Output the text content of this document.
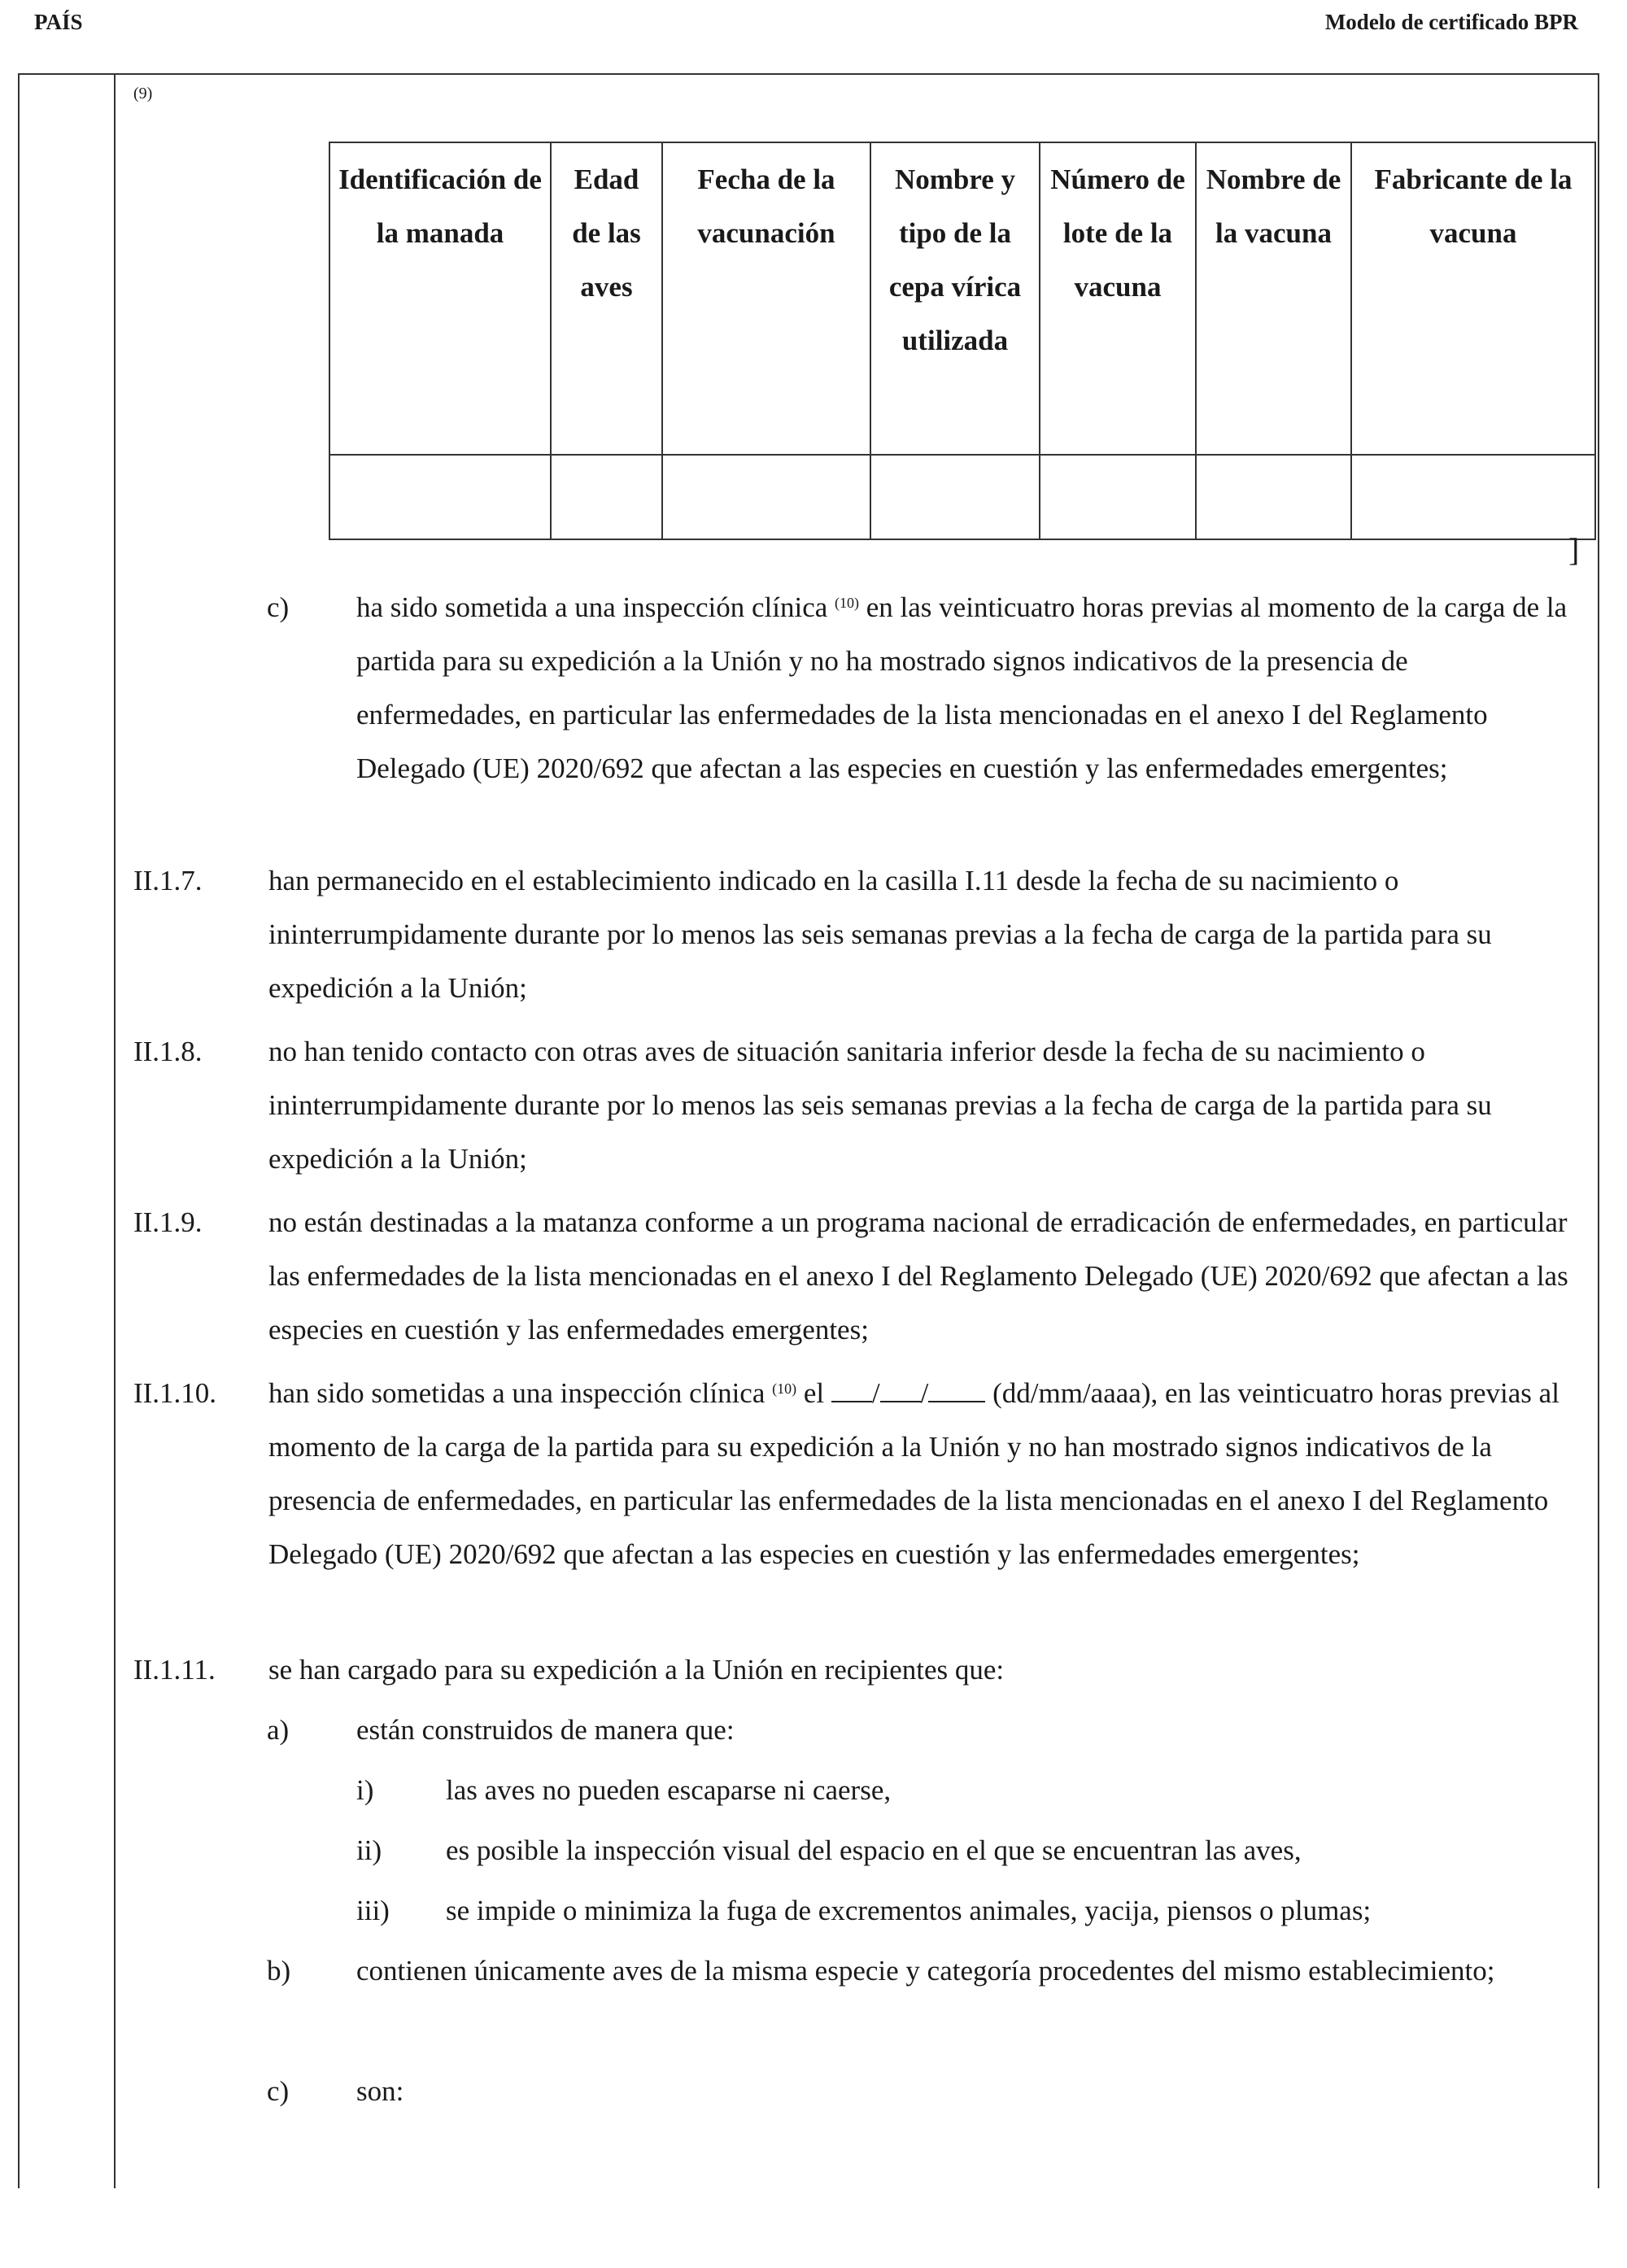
PAÍS	Modelo de certificado BPR
(9)
Identificación de la manada	Edad de las aves	Fecha de la vacunación	Nombre y tipo de la cepa vírica utilizada	Número de lote de la vacuna	Nombre de la vacuna	Fabricante de la vacuna

]
c) ha sido sometida a una inspección clínica $^{(10)}$ en las veinticuatro horas previas al momento de la carga de la partida para su expedición a la Unión y no ha mostrado signos indicativos de la presencia de enfermedades, en particular las enfermedades de la lista mencionadas en el anexo I del Reglamento Delegado (UE) 2020/692 que afectan a las especies en cuestión y las enfermedades emergentes;
II.1.7. han permanecido en el establecimiento indicado en la casilla I.11 desde la fecha de su nacimiento o ininterrumpidamente durante por lo menos las seis semanas previas a la fecha de carga de la partida para su expedición a la Unión;
II.1.8. no han tenido contacto con otras aves de situación sanitaria inferior desde la fecha de su nacimiento o ininterrumpidamente durante por lo menos las seis semanas previas a la fecha de carga de la partida para su expedición a la Unión;
II.1.9. no están destinadas a la matanza conforme a un programa nacional de erradicación de enfermedades, en particular las enfermedades de la lista mencionadas en el anexo I del Reglamento Delegado (UE) 2020/692 que afectan a las especies en cuestión y las enfermedades emergentes;
II.1.10. han sido sometidas a una inspección clínica $^{(10)}$ el / / (dd/mm/aaaa), en las veinticuatro horas previas al momento de la carga de la partida para su expedición a la Unión y no han mostrado signos indicativos de la presencia de enfermedades, en particular las enfermedades de la lista mencionadas en el anexo I del Reglamento Delegado (UE) 2020/692 que afectan a las especies en cuestión y las enfermedades emergentes;
II.1.11. se han cargado para su expedición a la Unión en recipientes que:
a) están construidos de manera que:
i)	las aves no pueden escaparse ni caerse,
ii) es posible la inspección visual del espacio en el que se encuentran las aves,
iii) se impide o minimiza la fuga de excrementos animales, yacija, piensos o plumas;
b) contienen únicamente aves de la misma especie y categoría procedentes del mismo establecimiento;
c) son:
